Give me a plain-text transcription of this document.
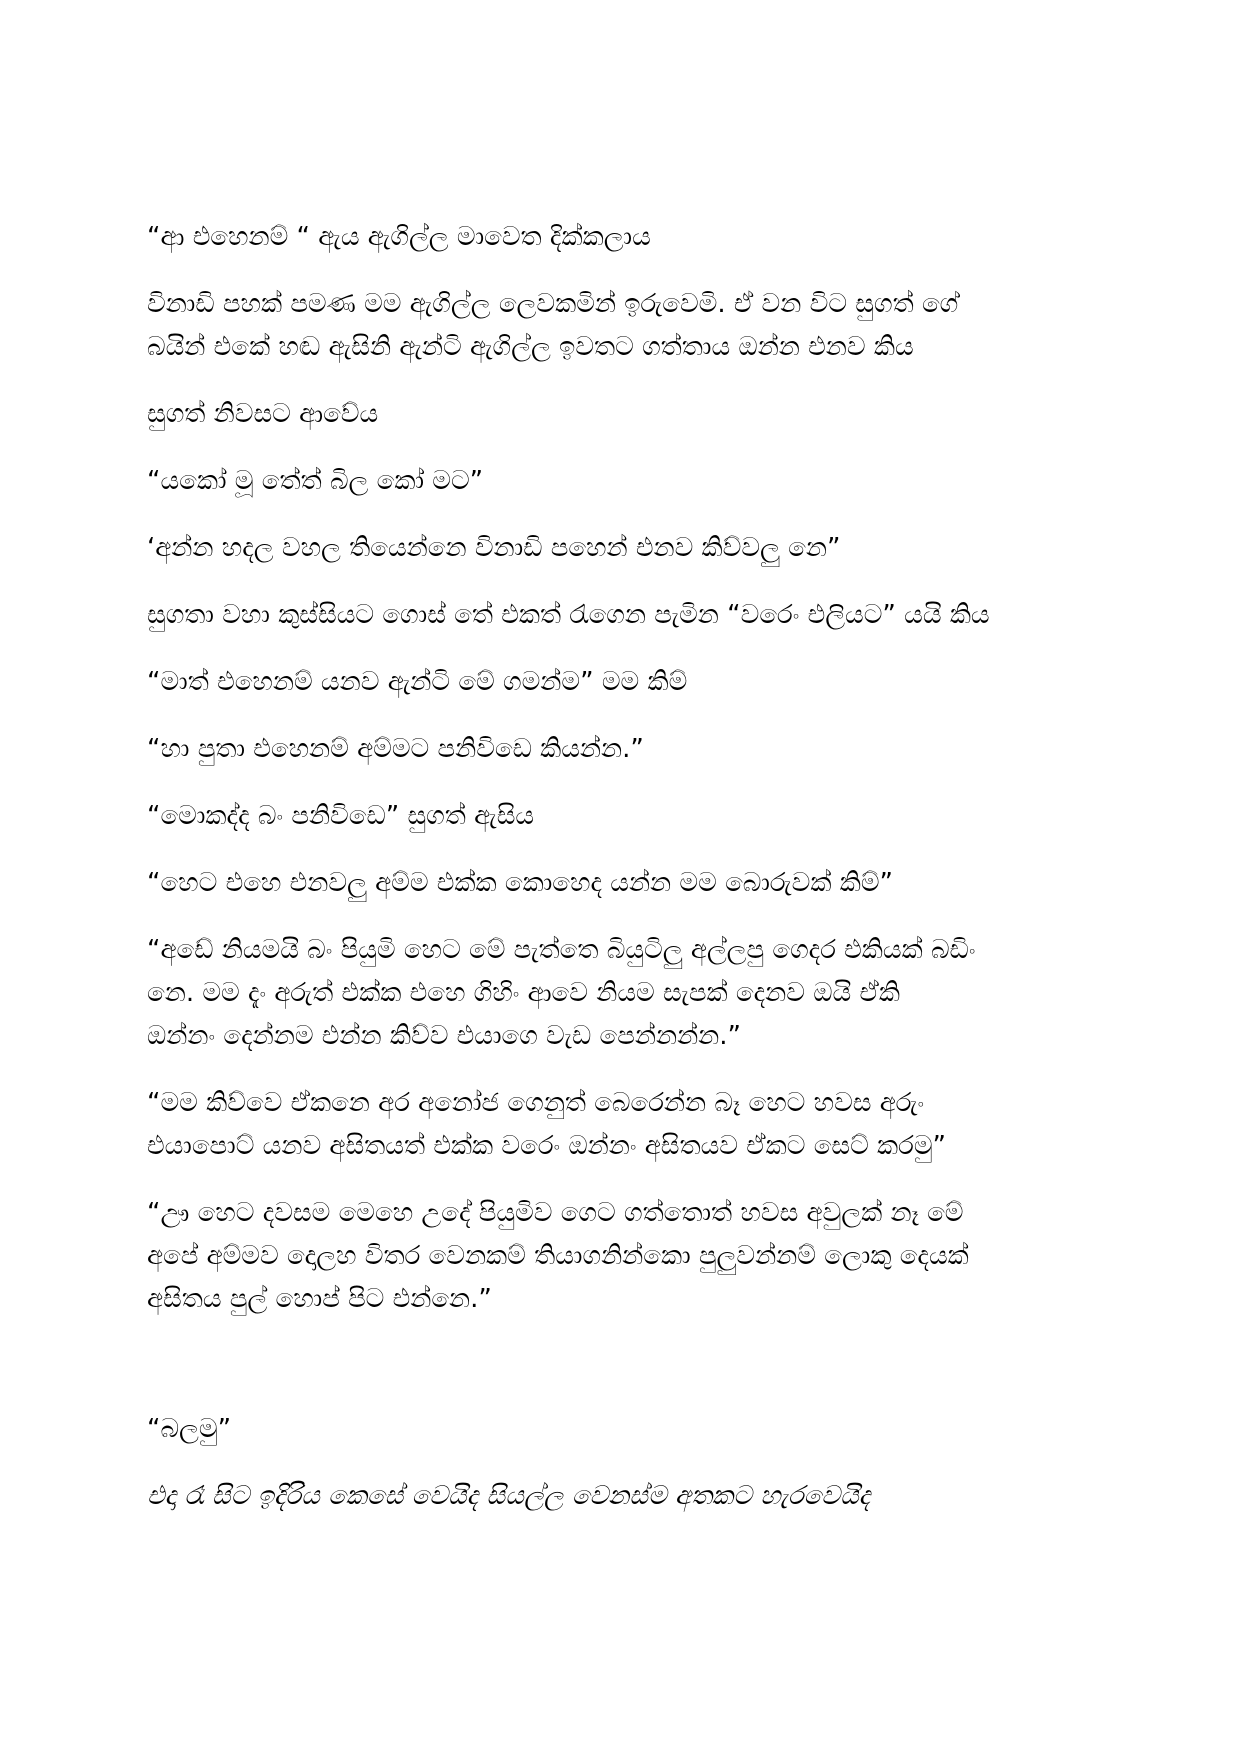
“ආ එහෙනම් “ ඇය ඇගිල්ල මාවෙත දික්කලාය

විනාඩි පහක් පමණ මම ඇගිල්ල ලෙවකමින් ඉරුවෙමි. ඒ වන විට සුගත් ගේ
බයින් එකේ හඬ ඇසිනි ඇන්ටි ඇගිල්ල ඉවතට ගත්තාය ඔන්න එනව කිය

සුගත් නිවසට ආවේය

“යකෝ මූ තේත් බිල කෝ මට”

‘අන්න හදල වහල තියෙන්නෙ විනාඩි පහෙන් එනව කිව්වලු නෙ”

සුගතා වහා කුස්සියට ගොස් තේ එකත් රැගෙන පැමින “වරෙං එලියට” යයි කිය

“මාත් එහෙනම් යනව ඇන්ටි මේ ගමන්ම” මම කිම්

“හා පුතා එහෙනම් අම්මට පනිවිඩෙ කියන්න.”

“මොකද්ද බං පනිවිඩෙ” සුගත් ඇසිය

“හෙට එහෙ එනවලු අම්ම එක්ක කොහෙද යන්න මම බොරුවක් කිම්”

“අඩේ නියමයි බං පියුමි හෙට මේ පැත්තෙ බියුටිලු අල්ලපු ගෙදර එකියක් බඩිං
නෙ. මම දැං අරුත් එක්ක එහෙ ගිහිං ආවෙ නියම සැපක් දෙනව ඔයි ඒකි
ඔන්නං දෙන්නම එන්න කිව්ව එයාගෙ වැඩ පෙන්නන්න.”

“මම කිව්වෙ ඒකනෙ අර අනෝජ ගෙනුත් බෙරෙන්න බෑ හෙට හවස අරුං
එයාපොට් යනව අසිතයත් එක්ක වරෙං ඔන්නං අසිතයව ඒකට සෙට් කරමු”

“ඌ හෙට දවසම මෙහෙ උදේ පියුමිව ගෙට ගත්තොත් හවස අවුලක් නෑ මේ
අපේ අම්මව දොලහ විතර වෙනකම් තියාගනින්කො පුලුවන්නම් ලොකු දෙයක්
අසිතය පුල් හොප් පිට එන්නෙ.”

“බලමු”

එදා රෑ සිට ඉදිරිය කෙසේ වෙයිද සියල්ල වෙනස්ම අතකට හැරවෙයිද
